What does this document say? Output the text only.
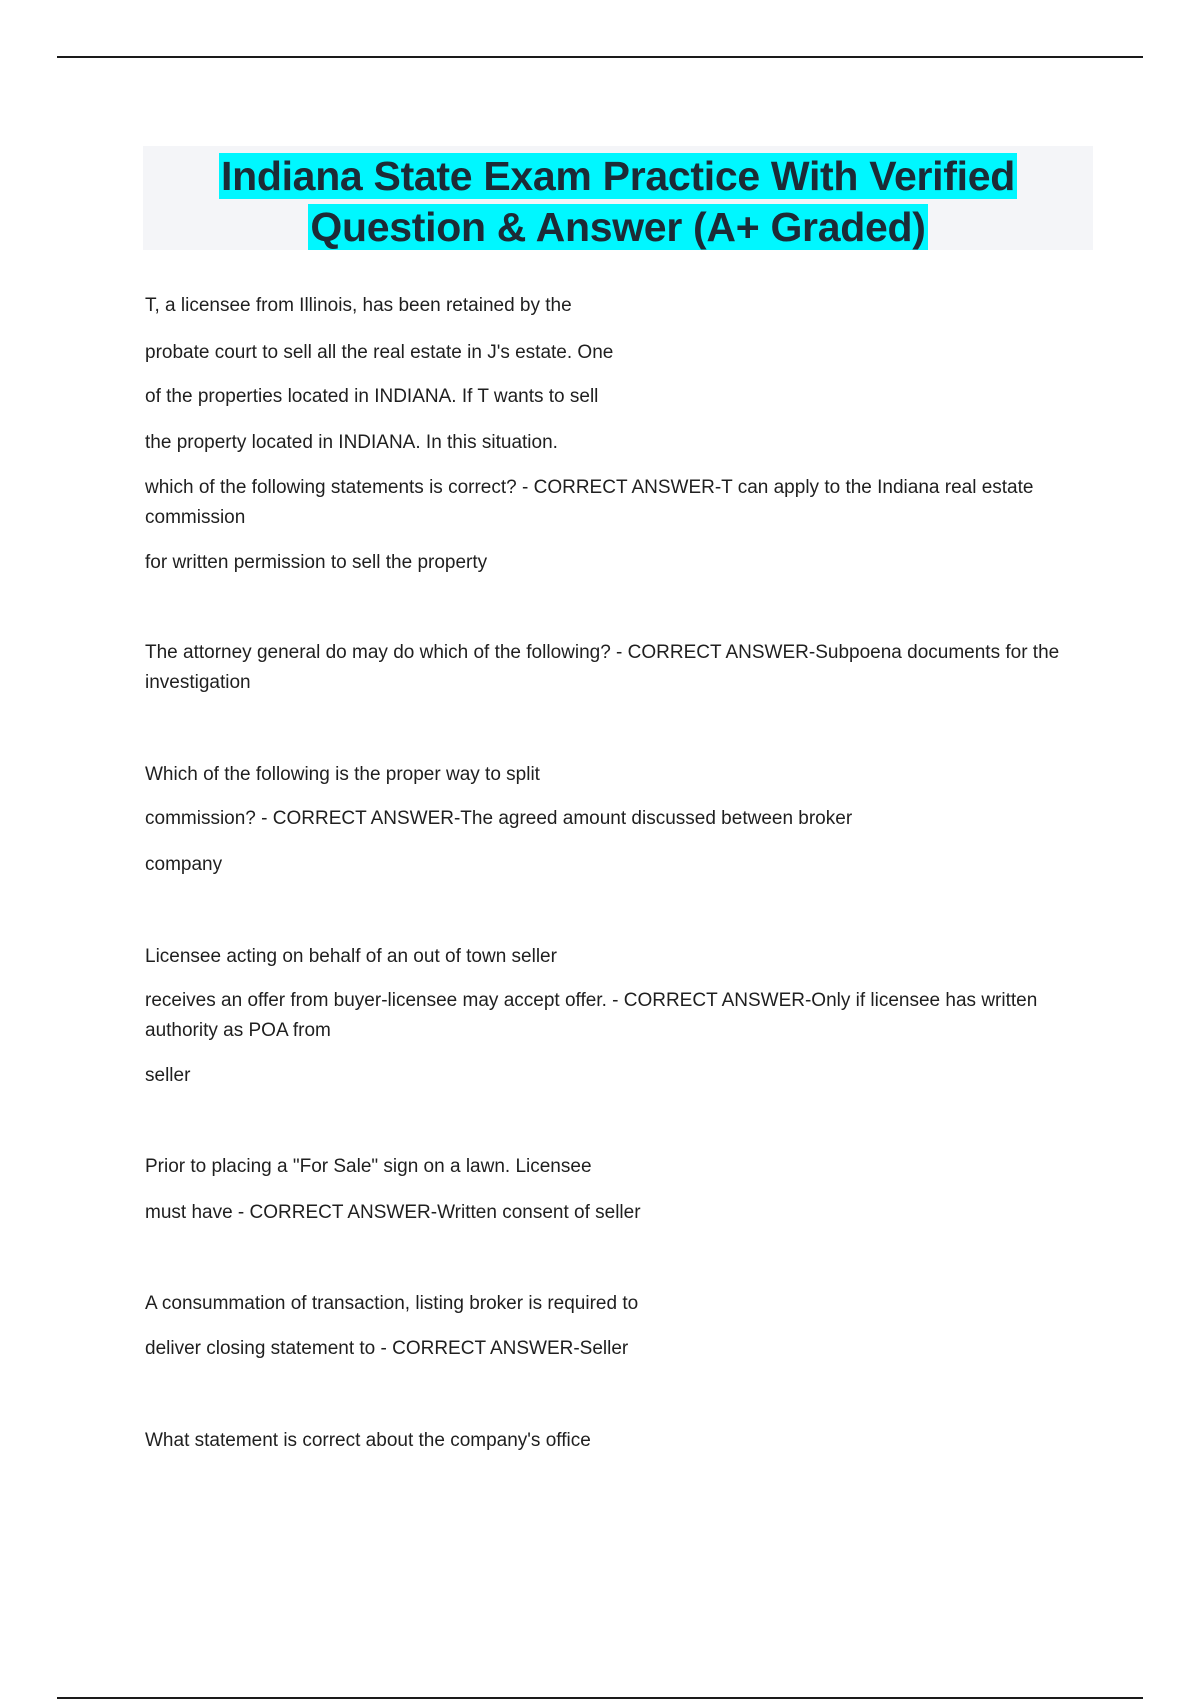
Indiana State Exam Practice With Verified
Question & Answer (A+ Graded)
T, a licensee from Illinois, has been retained by the
probate court to sell all the real estate in J's estate. One
of the properties located in INDIANA. If T wants to sell
the property located in INDIANA. In this situation.
which of the following statements is correct? - CORRECT ANSWER-T can apply to the Indiana real estate commission
for written permission to sell the property
The attorney general do may do which of the following? - CORRECT ANSWER-Subpoena documents for the investigation
Which of the following is the proper way to split
commission? - CORRECT ANSWER-The agreed amount discussed between broker
company
Licensee acting on behalf of an out of town seller
receives an offer from buyer-licensee may accept offer. - CORRECT ANSWER-Only if licensee has written authority as POA from
seller
Prior to placing a "For Sale" sign on a lawn. Licensee
must have - CORRECT ANSWER-Written consent of seller
A consummation of transaction, listing broker is required to
deliver closing statement to - CORRECT ANSWER-Seller
What statement is correct about the company's office
